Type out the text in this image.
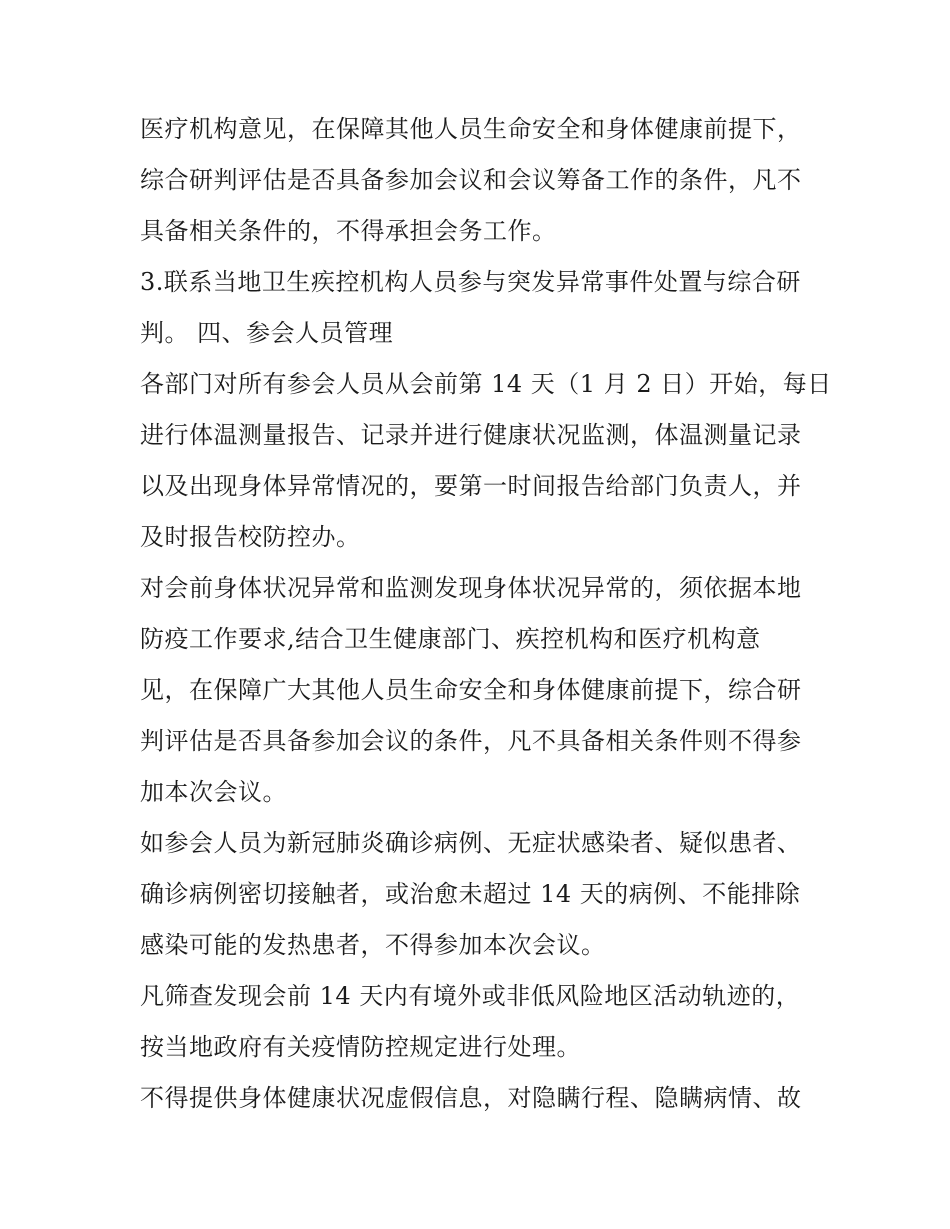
医疗机构意见，在保障其他人员生命安全和身体健康前提下，
综合研判评估是否具备参加会议和会议筹备工作的条件，凡不
具备相关条件的，不得承担会务工作。
3.联系当地卫生疾控机构人员参与突发异常事件处置与综合研
判。 四、参会人员管理
各部门对所有参会人员从会前第 14 天（1 月 2 日）开始，每日
进行体温测量报告、记录并进行健康状况监测，体温测量记录
以及出现身体异常情况的，要第一时间报告给部门负责人，并
及时报告校防控办。
对会前身体状况异常和监测发现身体状况异常的，须依据本地
防疫工作要求,结合卫生健康部门、疾控机构和医疗机构意
见，在保障广大其他人员生命安全和身体健康前提下，综合研
判评估是否具备参加会议的条件，凡不具备相关条件则不得参
加本次会议。
如参会人员为新冠肺炎确诊病例、无症状感染者、疑似患者、
确诊病例密切接触者，或治愈未超过 14 天的病例、不能排除
感染可能的发热患者，不得参加本次会议。
凡筛查发现会前 14 天内有境外或非低风险地区活动轨迹的，
按当地政府有关疫情防控规定进行处理。
不得提供身体健康状况虚假信息，对隐瞒行程、隐瞒病情、故
